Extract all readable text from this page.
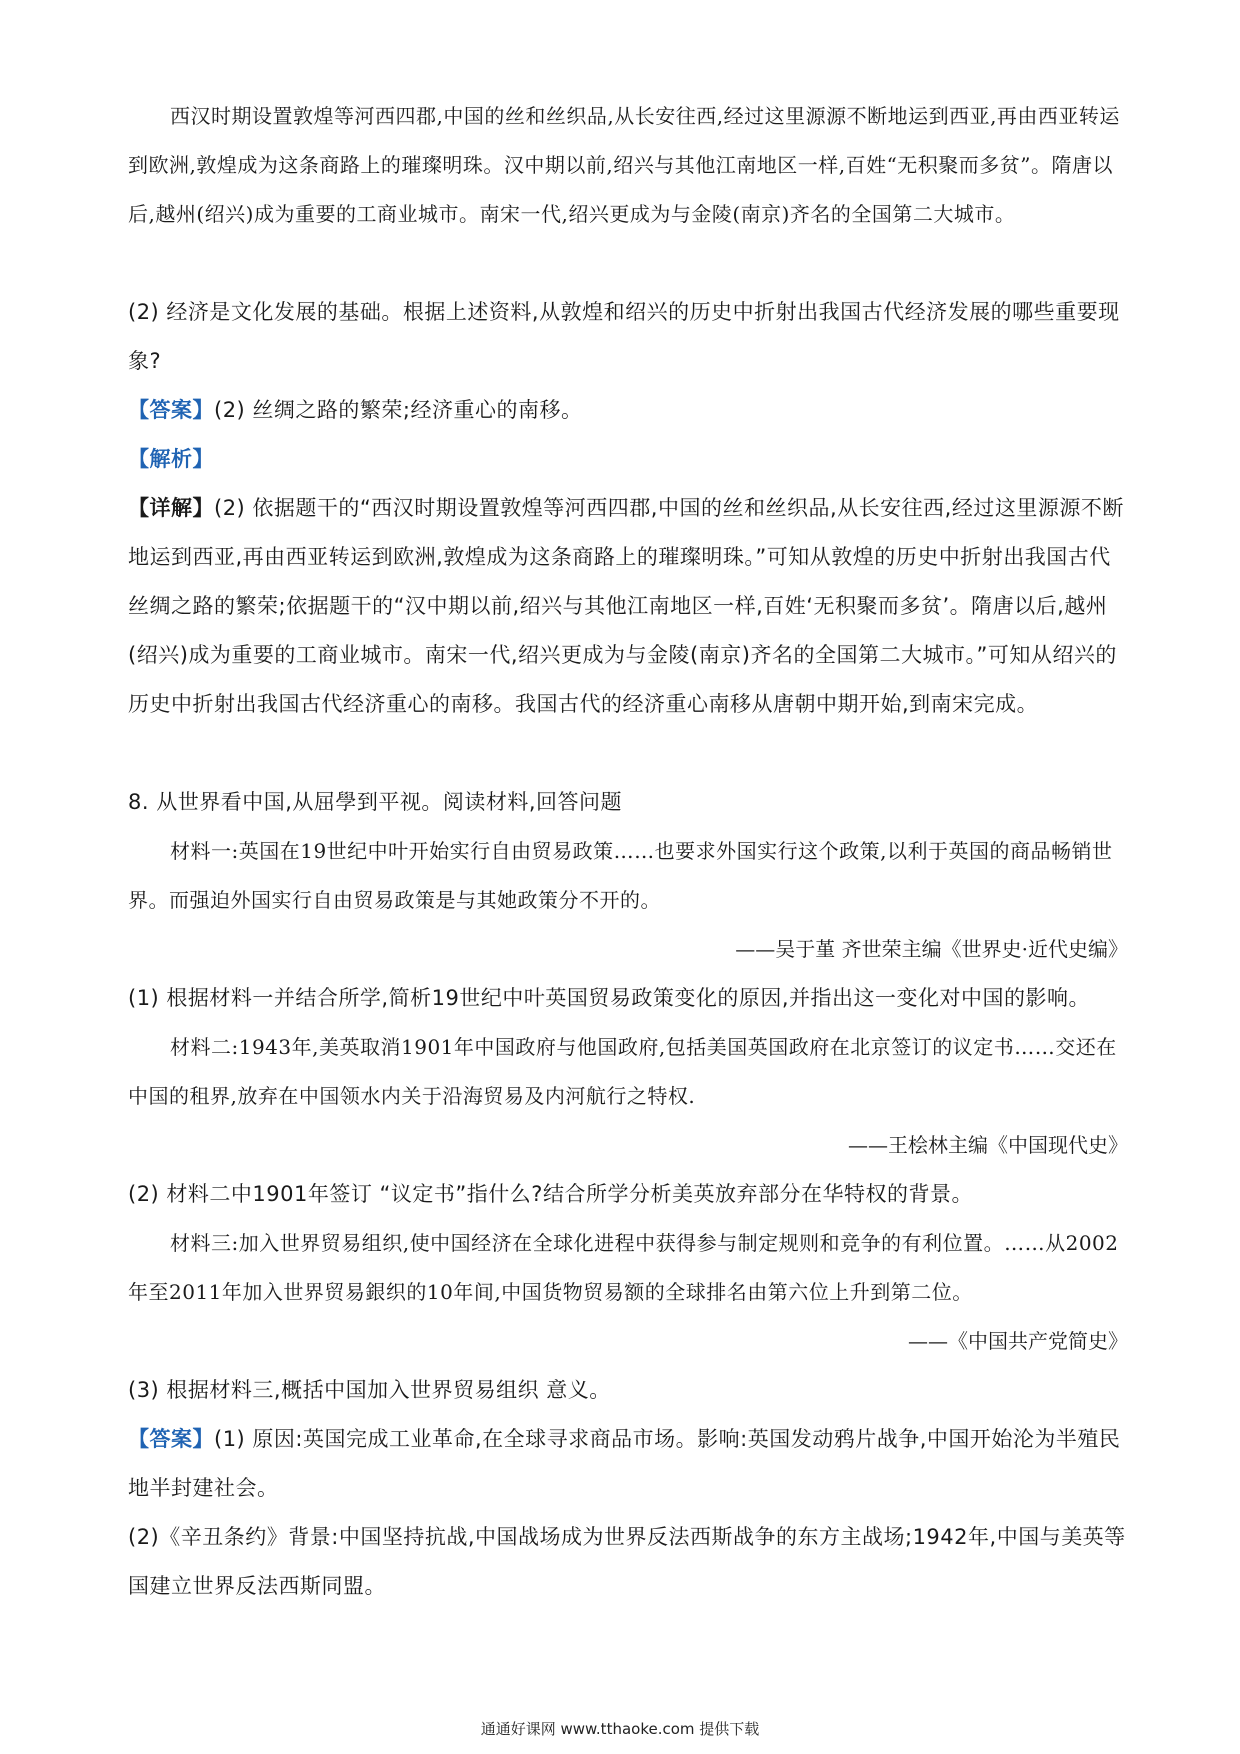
西汉时期设置敦煌等河西四郡,中国的丝和丝织品,从长安往西,经过这里源源不断地运到西亚,再由西亚转运到欧洲,敦煌成为这条商路上的璀璨明珠。汉中期以前,绍兴与其他江南地区一样,百姓“无积聚而多贫”。隋唐以后,越州(绍兴)成为重要的工商业城市。南宋一代,绍兴更成为与金陵(南京)齐名的全国第二大城市。
(2) 经济是文化发展的基础。根据上述资料,从敦煌和绍兴的历史中折射出我国古代经济发展的哪些重要现象?
【答案】(2) 丝绸之路的繁荣;经济重心的南移。
【解析】
【详解】(2) 依据题干的“西汉时期设置敦煌等河西四郡,中国的丝和丝织品,从长安往西,经过这里源源不断地运到西亚,再由西亚转运到欧洲,敦煌成为这条商路上的璀璨明珠。”可知从敦煌的历史中折射出我国古代丝绸之路的繁荣;依据题干的“汉中期以前,绍兴与其他江南地区一样,百姓‘无积聚而多贫’。隋唐以后,越州(绍兴)成为重要的工商业城市。南宋一代,绍兴更成为与金陵(南京)齐名的全国第二大城市。”可知从绍兴的历史中折射出我国古代经济重心的南移。我国古代的经济重心南移从唐朝中期开始,到南宋完成。
8. 从世界看中国,从屈學到平视。阅读材料,回答问题
材料一:英国在19世纪中叶开始实行自由贸易政策……也要求外国实行这个政策,以利于英国的商品畅销世界。而强迫外国实行自由贸易政策是与其她政策分不开的。
——吴于堇 齐世荣主编《世界史·近代史编》
(1) 根据材料一并结合所学,简析19世纪中叶英国贸易政策变化的原因,并指出这一变化对中国的影响。
材料二:1943年,美英取消1901年中国政府与他国政府,包括美国英国政府在北京签订的议定书……交还在中国的租界,放弃在中国领水内关于沿海贸易及内河航行之特权.
——王桧林主编《中国现代史》
(2) 材料二中1901年签订 “议定书”指什么?结合所学分析美英放弃部分在华特权的背景。
材料三:加入世界贸易组织,使中国经济在全球化进程中获得参与制定规则和竞争的有利位置。……从2002年至2011年加入世界贸易銀织的10年间,中国货物贸易额的全球排名由第六位上升到第二位。
——《中国共产党简史》
(3) 根据材料三,概括中国加入世界贸易组织 意义。
【答案】(1) 原因:英国完成工业革命,在全球寻求商品市场。影响:英国发动鸦片战争,中国开始沦为半殖民地半封建社会。
(2)《辛丑条约》背景:中国坚持抗战,中国战场成为世界反法西斯战争的东方主战场;1942年,中国与美英等国建立世界反法西斯同盟。
通通好课网 www.tthaoke.com 提供下载
